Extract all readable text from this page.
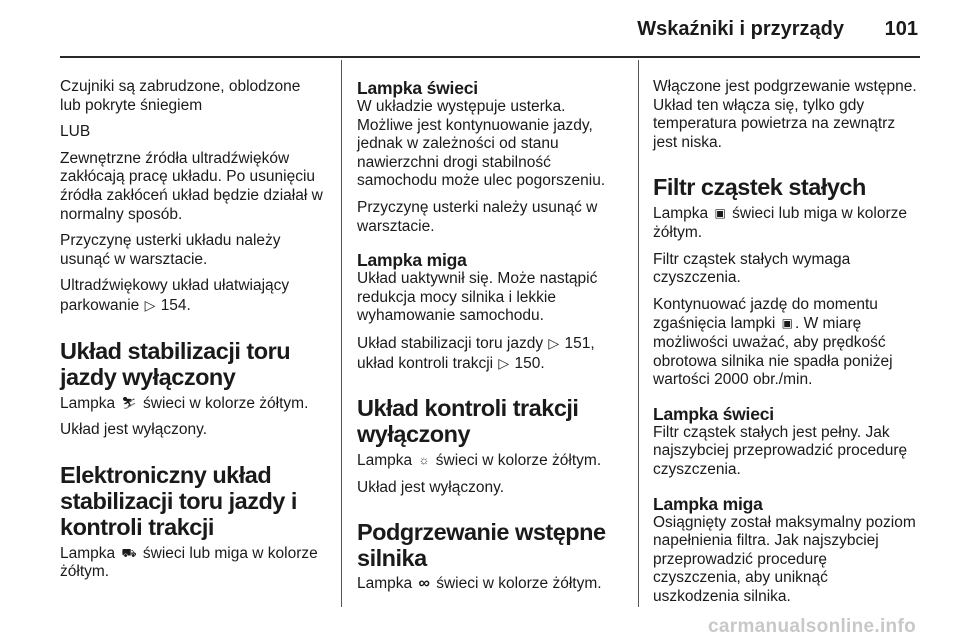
Wskaźniki i przyrządy 101

Czujniki są zabrudzone, oblodzone lub pokryte śniegiem

LUB

Zewnętrzne źródła ultradźwięków zakłócają pracę układu. Po usunięciu źródła zakłóceń układ będzie działał w normalny sposób.

Przyczynę usterki układu należy usunąć w warsztacie.

Ultradźwiękowy układ ułatwiający parkowanie ▷ 154.

Układ stabilizacji toru jazdy wyłączony

Lampka ⛷ świeci w kolorze żółtym.

Układ jest wyłączony.

Elektroniczny układ stabilizacji toru jazdy i kontroli trakcji

Lampka ⛟ świeci lub miga w kolorze żółtym.

Lampka świeci

W układzie występuje usterka. Możliwe jest kontynuowanie jazdy, jednak w zależności od stanu nawierzchni drogi stabilność samochodu może ulec pogorszeniu.

Przyczynę usterki należy usunąć w warsztacie.

Lampka miga

Układ uaktywnił się. Może nastąpić redukcja mocy silnika i lekkie wyhamowanie samochodu.

Układ stabilizacji toru jazdy ▷ 151, układ kontroli trakcji ▷ 150.

Układ kontroli trakcji wyłączony

Lampka ☼ świeci w kolorze żółtym.

Układ jest wyłączony.

Podgrzewanie wstępne silnika

Lampka ∞ świeci w kolorze żółtym.

Włączone jest podgrzewanie wstępne. Układ ten włącza się, tylko gdy temperatura powietrza na zewnątrz jest niska.

Filtr cząstek stałych

Lampka ▣ świeci lub miga w kolorze żółtym.

Filtr cząstek stałych wymaga czyszczenia.

Kontynuować jazdę do momentu zgaśnięcia lampki ▣ . W miarę możliwości uważać, aby prędkość obrotowa silnika nie spadła poniżej wartości 2000 obr./min.

Lampka świeci

Filtr cząstek stałych jest pełny. Jak najszybciej przeprowadzić procedurę czyszczenia.

Lampka miga

Osiągnięty został maksymalny poziom napełnienia filtra. Jak najszybciej przeprowadzić procedurę czyszczenia, aby uniknąć uszkodzenia silnika.

carmanualsonline.info
